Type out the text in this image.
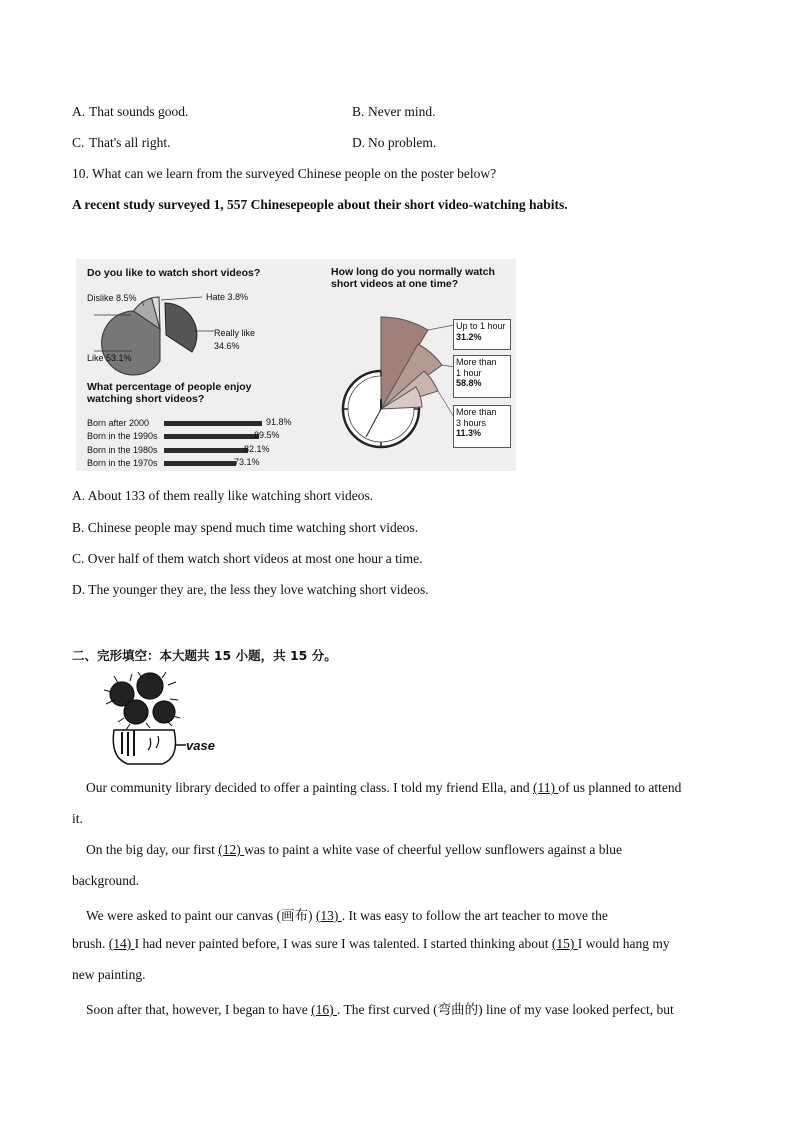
A. That sounds good.	B. Never mind.
C. That's all right.	D. No problem.
10. What can we learn from the surveyed Chinese people on the poster below?
A recent study surveyed 1, 557 Chinesepeople about their short video-watching habits.
Do you like to watch short videos?
Dislike 8.5%	Hate 3.8%
Really like
34.6%
Like 53.1%
What percentage of people enjoy
watching short videos?
Born after 2000	91.8%
Born in the 1990s	89.5%
Born in the 1980s	82.1%
Born in the 1970s	73.1%
How long do you normally watch
short videos at one time?
Up to 1 hour
31.2%
More than
1 hour
58.8%
More than
3 hours
11.3%
A. About 133 of them really like watching short videos.
B. Chinese people may spend much time watching short videos.
C. Over half of them watch short videos at most one hour a time.
D. The younger they are, the less they love watching short videos.
二、完形填空：本大题共 15 小题，共 15 分。
vase
Our community library decided to offer a painting class. I told my friend Ella, and (11) of us planned to attend
it.
On the big day, our first (12) was to paint a white vase of cheerful yellow sunflowers against a blue
background.
We were asked to paint our canvas (画布) (13) . It was easy to follow the art teacher to move the
brush. (14) I had never painted before, I was sure I was talented. I started thinking about (15) I would hang my
new painting.
Soon after that, however, I began to have (16) . The first curved (弯曲的) line of my vase looked perfect, but
